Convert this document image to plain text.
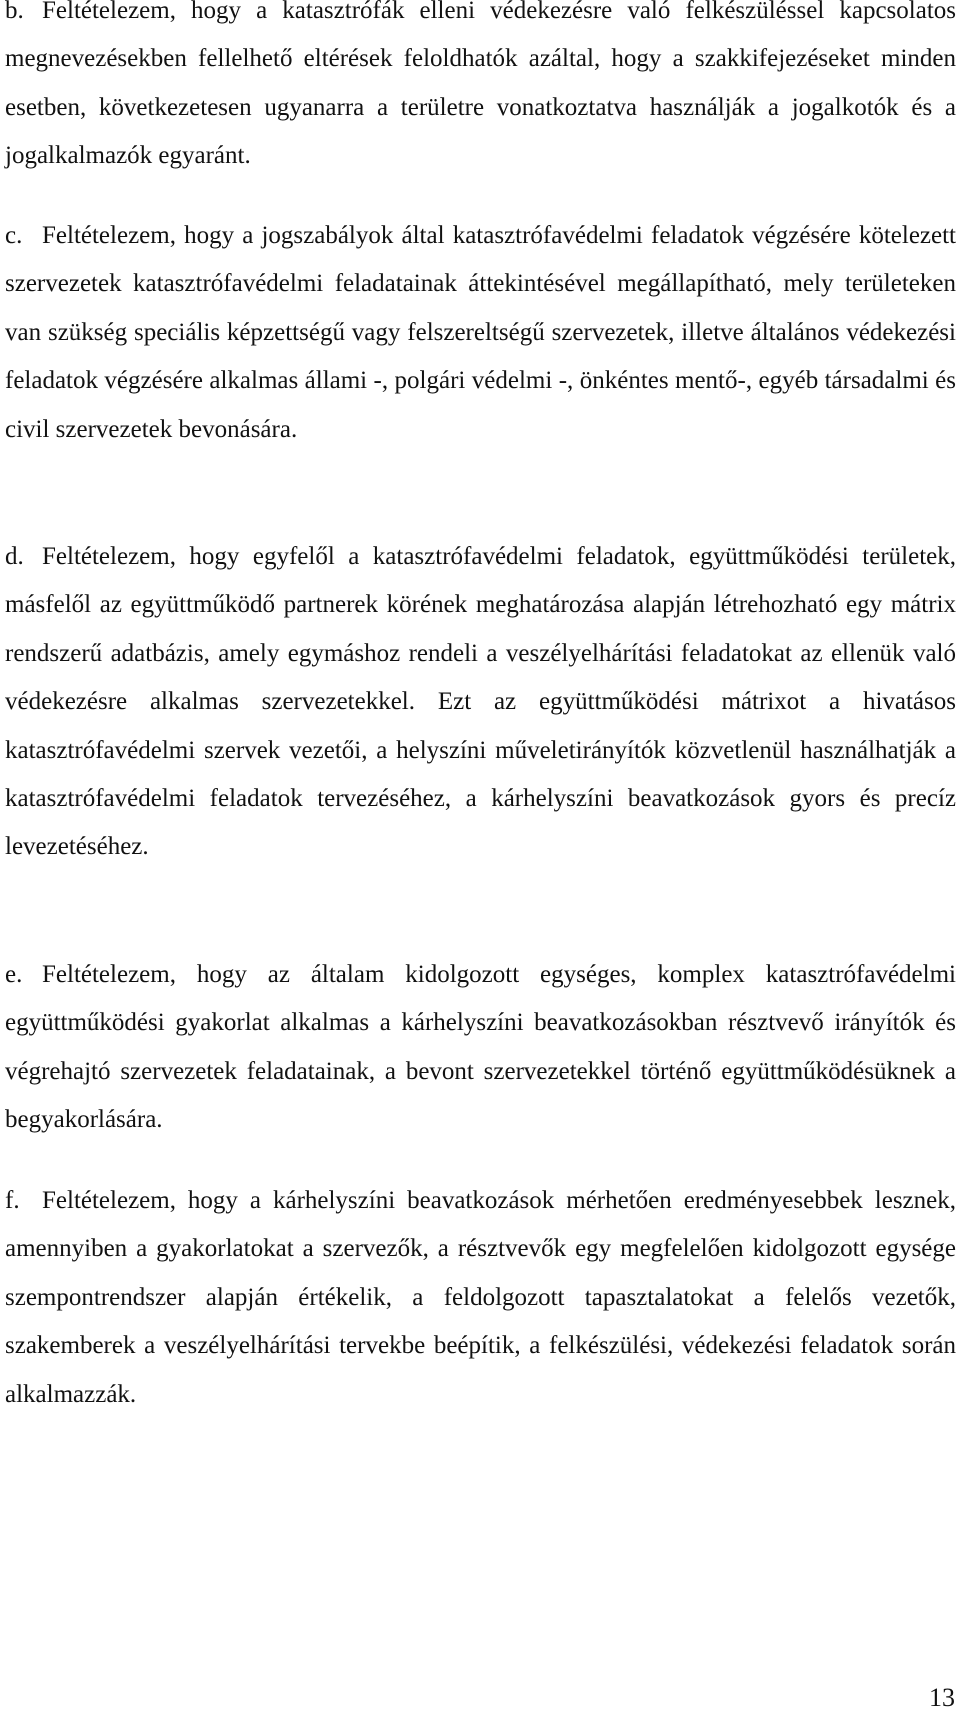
b. Feltételezem, hogy a katasztrófák elleni védekezésre való felkészüléssel kapcsolatos megnevezésekben fellelhető eltérések feloldhatók azáltal, hogy a szakkifejezéseket minden esetben, következetesen ugyanarra a területre vonatkoztatva használják a jogalkotók és a jogalkalmazók egyaránt.

c. Feltételezem, hogy a jogszabályok által katasztrófavédelmi feladatok végzésére kötelezett szervezetek katasztrófavédelmi feladatainak áttekintésével megállapítható, mely területeken van szükség speciális képzettségű vagy felszereltségű szervezetek, illetve általános védekezési feladatok végzésére alkalmas állami -, polgári védelmi -, önkéntes mentő-, egyéb társadalmi és civil szervezetek bevonására.

d. Feltételezem, hogy egyfelől a katasztrófavédelmi feladatok, együttműködési területek, másfelől az együttműködő partnerek körének meghatározása alapján létrehozható egy mátrix rendszerű adatbázis, amely egymáshoz rendeli a veszélyelhárítási feladatokat az ellenük való védekezésre alkalmas szervezetekkel. Ezt az együttműködési mátrixot a hivatásos katasztrófavédelmi szervek vezetői, a helyszíni műveletirányítók közvetlenül használhatják a katasztrófavédelmi feladatok tervezéséhez, a kárhelyszíni beavatkozások gyors és precíz levezetéséhez.

e. Feltételezem, hogy az általam kidolgozott egységes, komplex katasztrófavédelmi együttműködési gyakorlat alkalmas a kárhelyszíni beavatkozásokban résztvevő irányítók és végrehajtó szervezetek feladatainak, a bevont szervezetekkel történő együttműködésüknek a begyakorlására.

f. Feltételezem, hogy a kárhelyszíni beavatkozások mérhetően eredményesebbek lesznek, amennyiben a gyakorlatokat a szervezők, a résztvevők egy megfelelően kidolgozott egysége szempontrendszer alapján értékelik, a feldolgozott tapasztalatokat a felelős vezetők, szakemberek a veszélyelhárítási tervekbe beépítik, a felkészülési, védekezési feladatok során alkalmazzák.

13
